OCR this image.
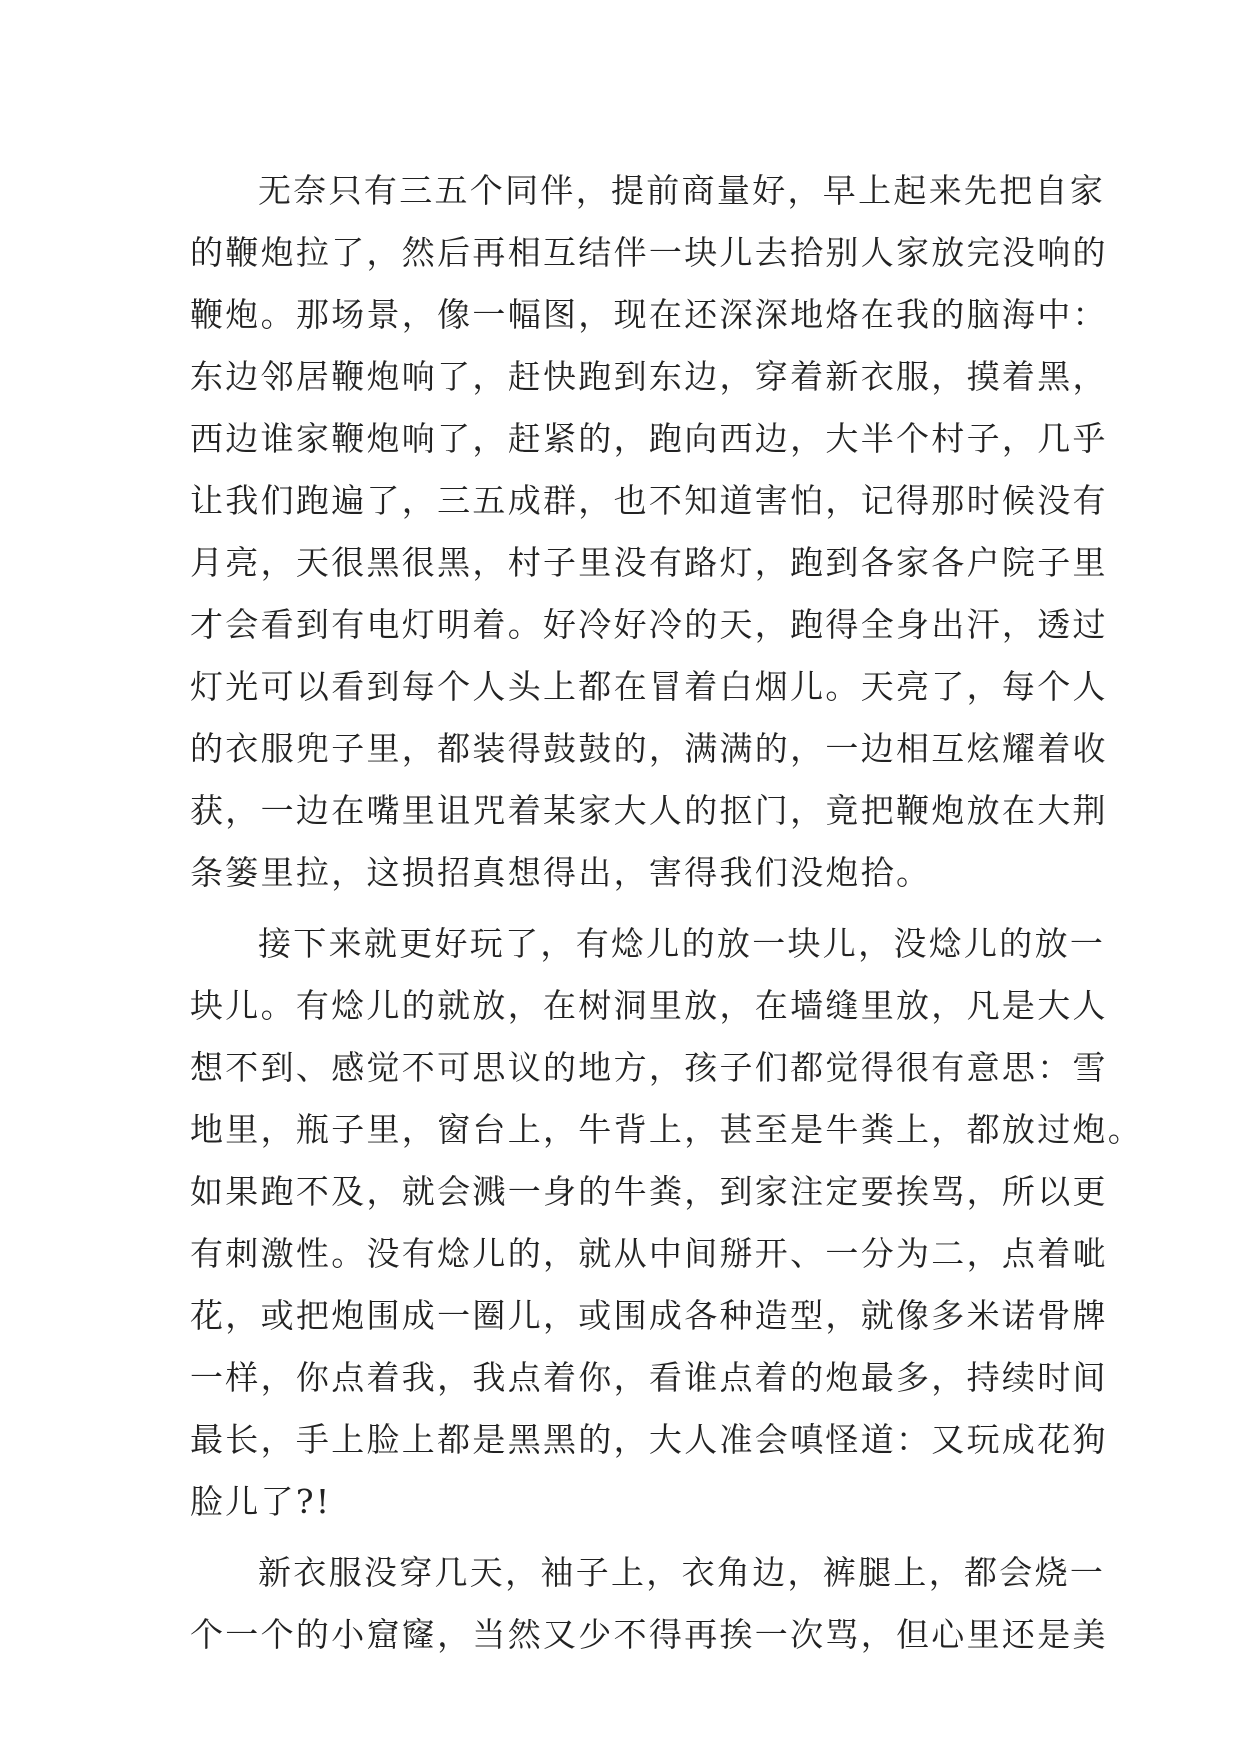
无奈只有三五个同伴，提前商量好，早上起来先把自家
的鞭炮拉了，然后再相互结伴一块儿去拾别人家放完没响的
鞭炮。那场景，像一幅图，现在还深深地烙在我的脑海中：
东边邻居鞭炮响了，赶快跑到东边，穿着新衣服，摸着黑，
西边谁家鞭炮响了，赶紧的，跑向西边，大半个村子，几乎
让我们跑遍了，三五成群，也不知道害怕，记得那时候没有
月亮，天很黑很黑，村子里没有路灯，跑到各家各户院子里
才会看到有电灯明着。好冷好冷的天，跑得全身出汗，透过
灯光可以看到每个人头上都在冒着白烟儿。天亮了，每个人
的衣服兜子里，都装得鼓鼓的，满满的，一边相互炫耀着收
获，一边在嘴里诅咒着某家大人的抠门，竟把鞭炮放在大荆
条篓里拉，这损招真想得出，害得我们没炮拾。
接下来就更好玩了，有焾儿的放一块儿，没焾儿的放一
块儿。有焾儿的就放，在树洞里放，在墙缝里放，凡是大人
想不到、感觉不可思议的地方，孩子们都觉得很有意思：雪
地里，瓶子里，窗台上，牛背上，甚至是牛粪上，都放过炮。
如果跑不及，就会溅一身的牛粪，到家注定要挨骂，所以更
有刺激性。没有焾儿的，就从中间掰开、一分为二，点着呲
花，或把炮围成一圈儿，或围成各种造型，就像多米诺骨牌
一样，你点着我，我点着你，看谁点着的炮最多，持续时间
最长，手上脸上都是黑黑的，大人准会嗔怪道：又玩成花狗
脸儿了?!
新衣服没穿几天，袖子上，衣角边，裤腿上，都会烧一
个一个的小窟窿，当然又少不得再挨一次骂，但心里还是美
